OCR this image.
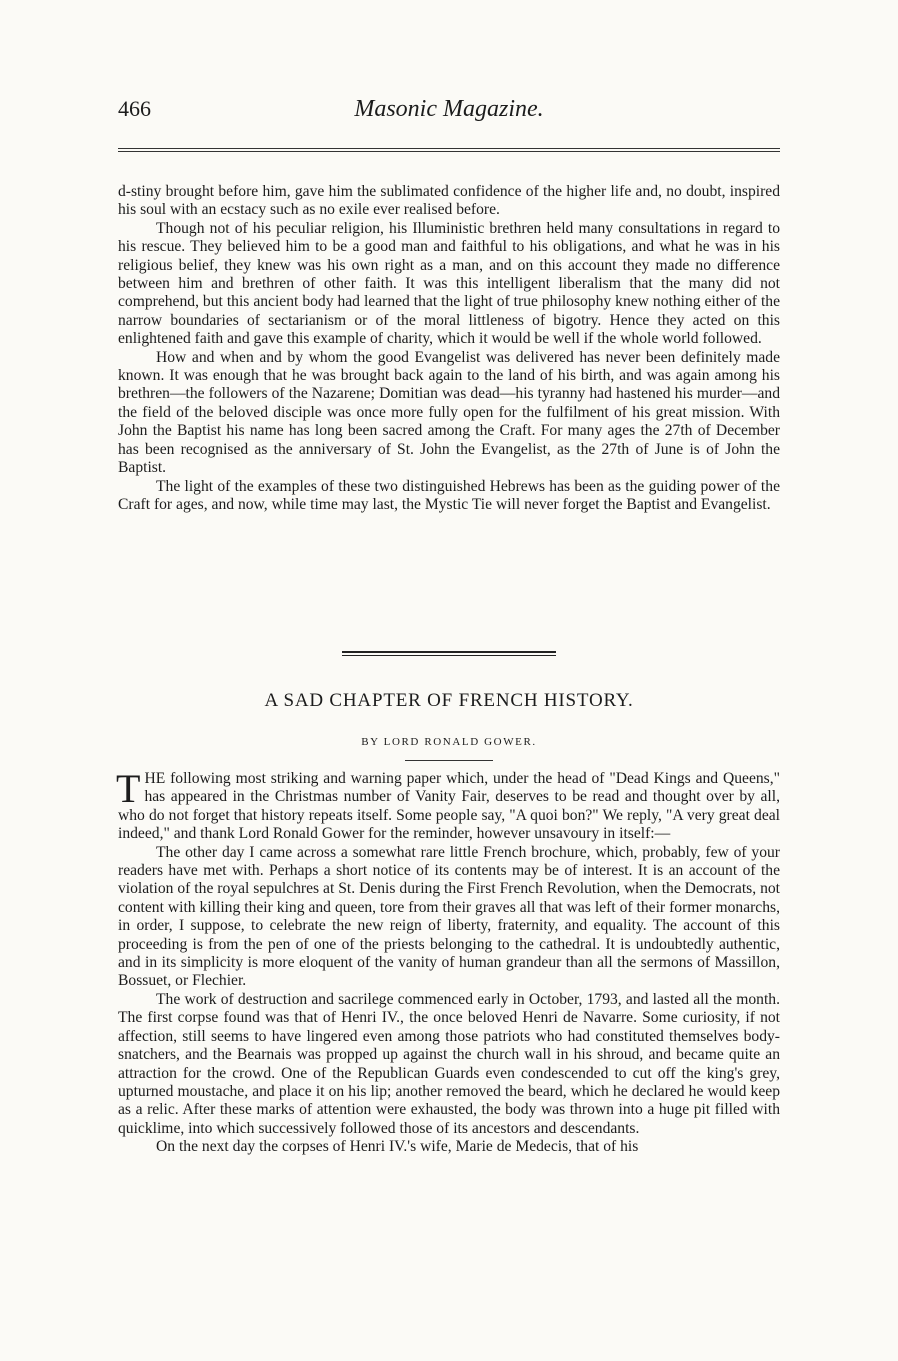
466	Masonic Magazine.

d-stiny brought before him, gave him the sublimated confidence of the higher life and, no doubt, inspired his soul with an ecstacy such as no exile ever realised before.

Though not of his peculiar religion, his Illuministic brethren held many consultations in regard to his rescue. They believed him to be a good man and faithful to his obligations, and what he was in his religious belief, they knew was his own right as a man, and on this account they made no difference between him and brethren of other faith. It was this intelligent liberalism that the many did not comprehend, but this ancient body had learned that the light of true philosophy knew nothing either of the narrow boundaries of sectarianism or of the moral littleness of bigotry. Hence they acted on this enlightened faith and gave this example of charity, which it would be well if the whole world followed.

How and when and by whom the good Evangelist was delivered has never been definitely made known. It was enough that he was brought back again to the land of his birth, and was again among his brethren—the followers of the Nazarene; Domitian was dead—his tyranny had hastened his murder—and the field of the beloved disciple was once more fully open for the fulfilment of his great mission. With John the Baptist his name has long been sacred among the Craft. For many ages the 27th of December has been recognised as the anniversary of St. John the Evangelist, as the 27th of June is of John the Baptist.

The light of the examples of these two distinguished Hebrews has been as the guiding power of the Craft for ages, and now, while time may last, the Mystic Tie will never forget the Baptist and Evangelist.

A SAD CHAPTER OF FRENCH HISTORY.
BY LORD RONALD GOWER.

THE following most striking and warning paper which, under the head of "Dead Kings and Queens," has appeared in the Christmas number of Vanity Fair, deserves to be read and thought over by all, who do not forget that history repeats itself. Some people say, "A quoi bon?" We reply, "A very great deal indeed," and thank Lord Ronald Gower for the reminder, however unsavoury in itself:—

The other day I came across a somewhat rare little French brochure, which, probably, few of your readers have met with. Perhaps a short notice of its contents may be of interest. It is an account of the violation of the royal sepulchres at St. Denis during the First French Revolution, when the Democrats, not content with killing their king and queen, tore from their graves all that was left of their former monarchs, in order, I suppose, to celebrate the new reign of liberty, fraternity, and equality. The account of this proceeding is from the pen of one of the priests belonging to the cathedral. It is undoubtedly authentic, and in its simplicity is more eloquent of the vanity of human grandeur than all the sermons of Massillon, Bossuet, or Flechier.

The work of destruction and sacrilege commenced early in October, 1793, and lasted all the month. The first corpse found was that of Henri IV., the once beloved Henri de Navarre. Some curiosity, if not affection, still seems to have lingered even among those patriots who had constituted themselves body-snatchers, and the Bearnais was propped up against the church wall in his shroud, and became quite an attraction for the crowd. One of the Republican Guards even condescended to cut off the king's grey, upturned moustache, and place it on his lip; another removed the beard, which he declared he would keep as a relic. After these marks of attention were exhausted, the body was thrown into a huge pit filled with quicklime, into which successively followed those of its ancestors and descendants.

On the next day the corpses of Henri IV.'s wife, Marie de Medecis, that of his
